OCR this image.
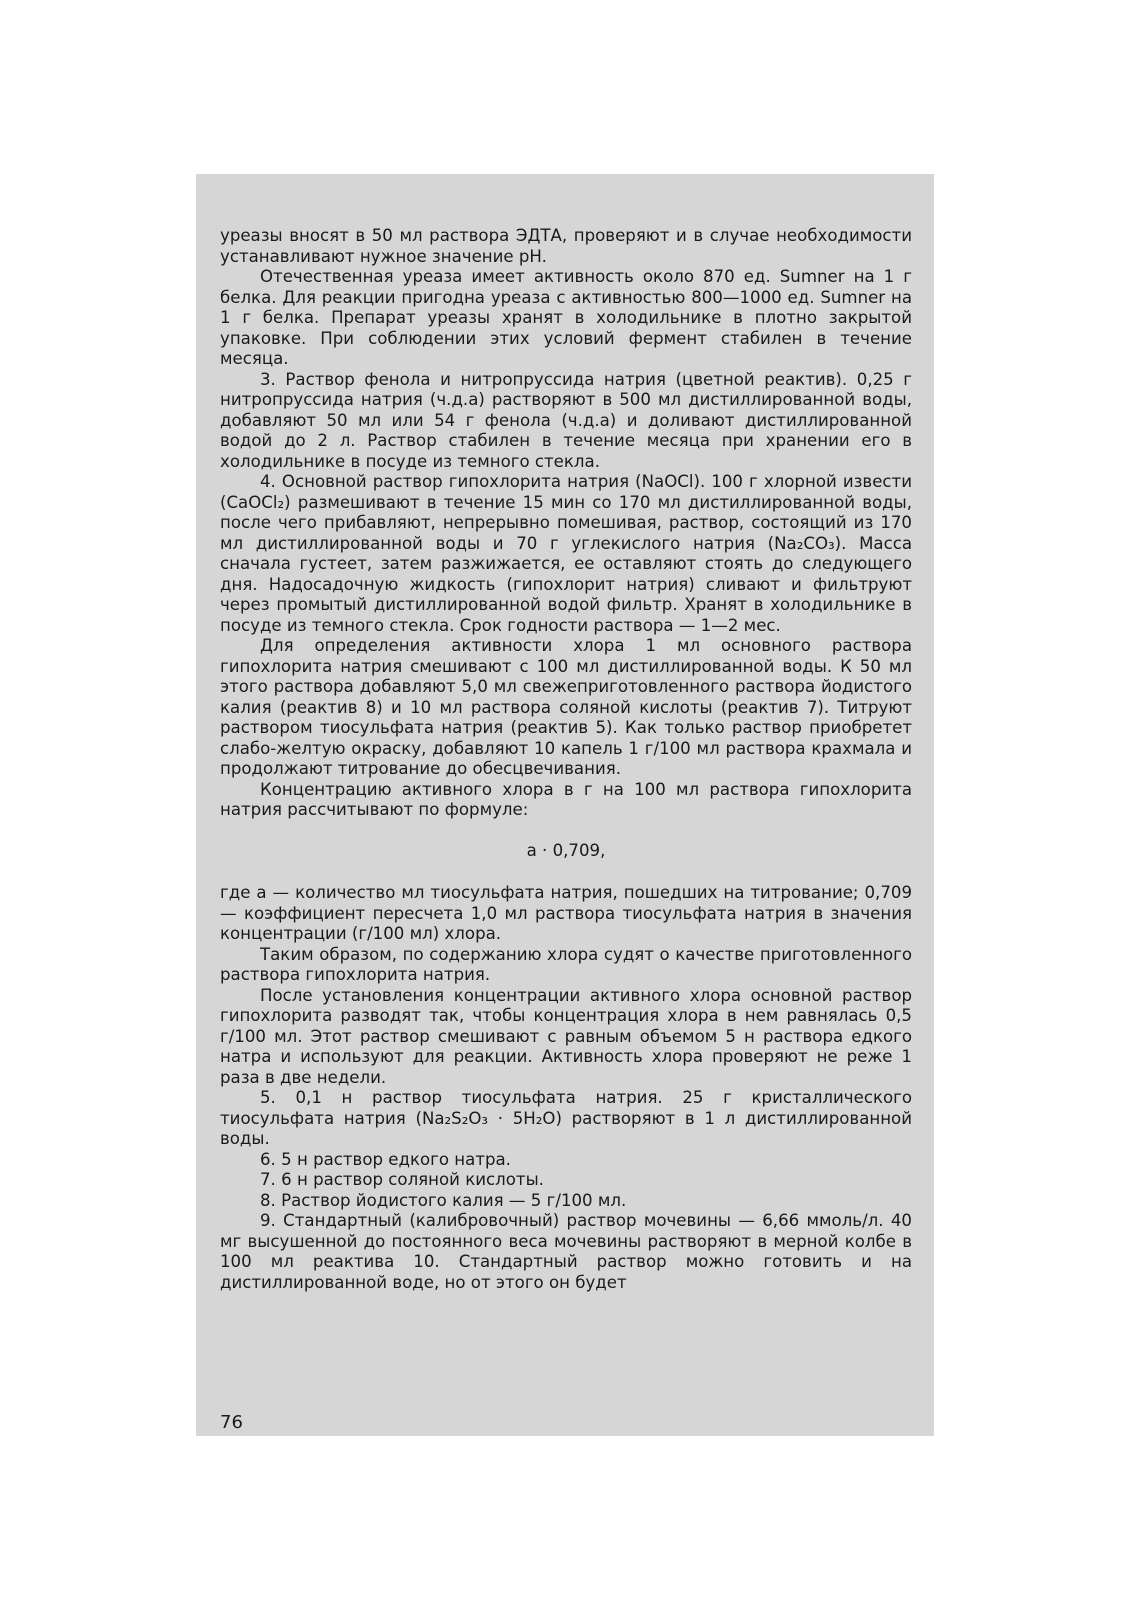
уреазы вносят в 50 мл раствора ЭДТА, проверяют и в случае необходимости устанавливают нужное значение pH.

Отечественная уреаза имеет активность около 870 ед. Sumner на 1 г белка. Для реакции пригодна уреаза с активностью 800—1000 ед. Sumner на 1 г белка. Препарат уреазы хранят в холодильнике в плотно закрытой упаковке. При соблюдении этих условий фермент стабилен в течение месяца.

3. Раствор фенола и нитропруссида натрия (цветной реактив). 0,25 г нитропруссида натрия (ч.д.а) растворяют в 500 мл дистиллированной воды, добавляют 50 мл или 54 г фенола (ч.д.а) и доливают дистиллированной водой до 2 л. Раствор стабилен в течение месяца при хранении его в холодильнике в посуде из темного стекла.

4. Основной раствор гипохлорита натрия (NaOCl). 100 г хлорной извести (CaOCl₂) размешивают в течение 15 мин со 170 мл дистиллированной воды, после чего прибавляют, непрерывно помешивая, раствор, состоящий из 170 мл дистиллированной воды и 70 г углекислого натрия (Na₂CO₃). Масса сначала густеет, затем разжижается, ее оставляют стоять до следующего дня. Надосадочную жидкость (гипохлорит натрия) сливают и фильтруют через промытый дистиллированной водой фильтр. Хранят в холодильнике в посуде из темного стекла. Срок годности раствора — 1—2 мес.

Для определения активности хлора 1 мл основного раствора гипохлорита натрия смешивают с 100 мл дистиллированной воды. К 50 мл этого раствора добавляют 5,0 мл свежеприготовленного раствора йодистого калия (реактив 8) и 10 мл раствора соляной кислоты (реактив 7). Титруют раствором тиосульфата натрия (реактив 5). Как только раствор приобретет слабо-желтую окраску, добавляют 10 капель 1 г/100 мл раствора крахмала и продолжают титрование до обесцвечивания.

Концентрацию активного хлора в г на 100 мл раствора гипохлорита натрия рассчитывают по формуле:

a · 0,709,

где a — количество мл тиосульфата натрия, пошедших на титрование; 0,709 — коэффициент пересчета 1,0 мл раствора тиосульфата натрия в значения концентрации (г/100 мл) хлора.

Таким образом, по содержанию хлора судят о качестве приготовленного раствора гипохлорита натрия.

После установления концентрации активного хлора основной раствор гипохлорита разводят так, чтобы концентрация хлора в нем равнялась 0,5 г/100 мл. Этот раствор смешивают с равным объемом 5 н раствора едкого натра и используют для реакции. Активность хлора проверяют не реже 1 раза в две недели.

5. 0,1 н раствор тиосульфата натрия. 25 г кристаллического тиосульфата натрия (Na₂S₂O₃ · 5H₂O) растворяют в 1 л дистиллированной воды.

6. 5 н раствор едкого натра.

7. 6 н раствор соляной кислоты.

8. Раствор йодистого калия — 5 г/100 мл.

9. Стандартный (калибровочный) раствор мочевины — 6,66 ммоль/л. 40 мг высушенной до постоянного веса мочевины растворяют в мерной колбе в 100 мл реактива 10. Стандартный раствор можно готовить и на дистиллированной воде, но от этого он будет

76
